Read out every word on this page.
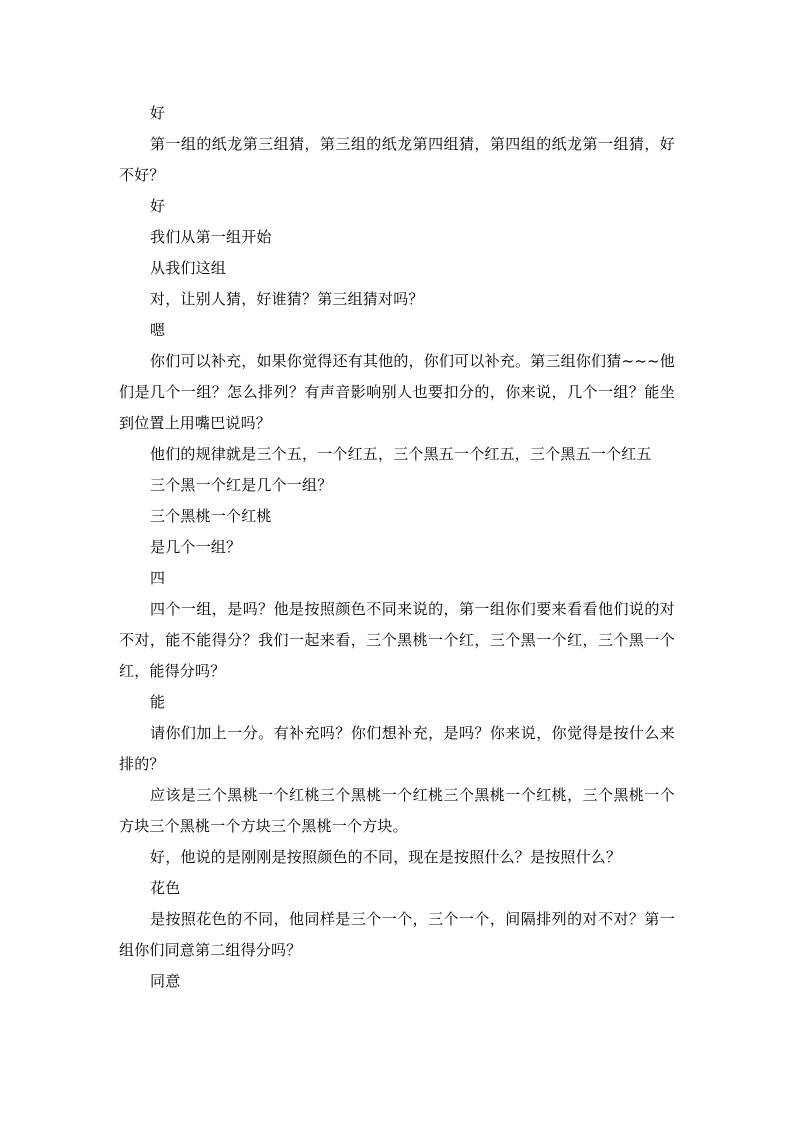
好

第一组的纸龙第三组猜，第三组的纸龙第四组猜，第四组的纸龙第一组猜，好不好？

好

我们从第一组开始

从我们这组

对，让别人猜，好谁猜？第三组猜对吗？

嗯

你们可以补充，如果你觉得还有其他的，你们可以补充。第三组你们猜~~~他们是几个一组？怎么排列？有声音影响别人也要扣分的，你来说，几个一组？能坐到位置上用嘴巴说吗？

他们的规律就是三个五，一个红五，三个黑五一个红五，三个黑五一个红五

三个黑一个红是几个一组？

三个黑桃一个红桃

是几个一组？

四

四个一组，是吗？他是按照颜色不同来说的，第一组你们要来看看他们说的对不对，能不能得分？我们一起来看，三个黑桃一个红，三个黑一个红，三个黑一个红，能得分吗？

能

请你们加上一分。有补充吗？你们想补充，是吗？你来说，你觉得是按什么来排的？

应该是三个黑桃一个红桃三个黑桃一个红桃三个黑桃一个红桃，三个黑桃一个方块三个黑桃一个方块三个黑桃一个方块。

好，他说的是刚刚是按照颜色的不同，现在是按照什么？是按照什么？

花色

是按照花色的不同，他同样是三个一个，三个一个，间隔排列的对不对？第一组你们同意第二组得分吗？

同意
